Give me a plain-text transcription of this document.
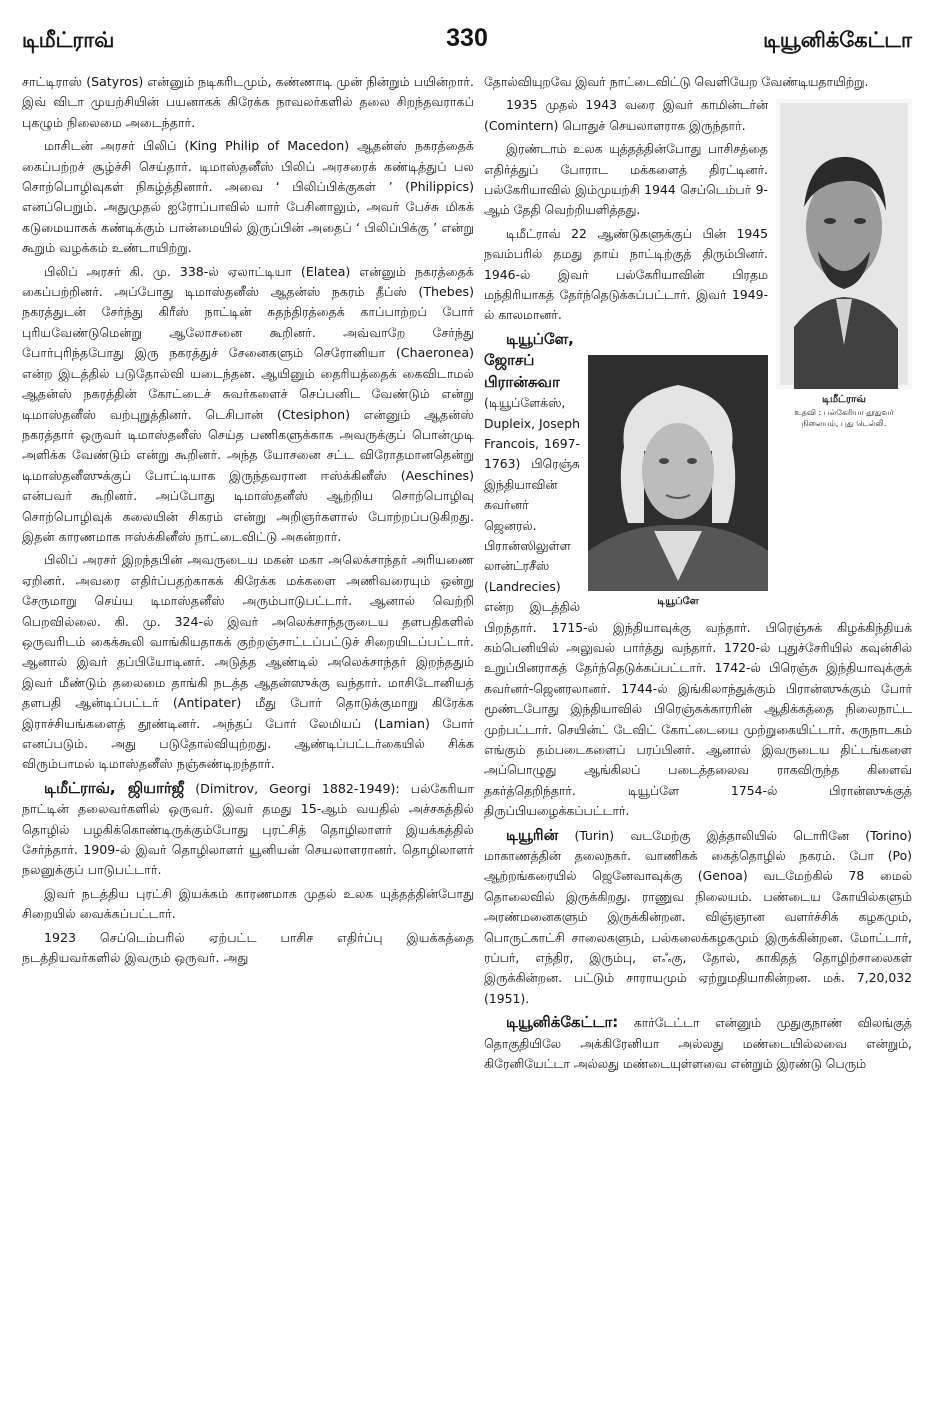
டிமீட்ராவ்	330	டியூனிக்கேட்டா

சாட்டிராஸ் (Satyros) என்னும் நடிகரிடமும், கண்ணாடி முன் நின்றும் பயின்றார். இவ் விடா முயற்சியின் பயனாகக் கிரேக்க நாவலர்களில் தலை சிறந்தவராகப் புகழும் நிலைமை அடைந்தார்.

மாசிடன் அரசர் பிலிப் (King Philip of Macedon) ஆதன்ஸ் நகரத்தைக் கைப்பற்றச் சூழ்ச்சி செய்தார். டிமாஸ்தனீஸ் பிலிப் அரசரைக் கண்டித்துப் பல சொற்பொழிவுகள் நிகழ்த்தினார். அவை ‘ பிலிப்பிக்குகள் ’ (Philippics) எனப்பெறும். அதுமுதல் ஐரோப்பாவில் யார் பேசினாலும், அவர் பேச்சு மிகக் கடுமையாகக் கண்டிக்கும் பான்மையில் இருப்பின் அதைப் ‘ பிலிப்பிக்கு ’ என்று கூறும் வழக்கம் உண்டாயிற்று.

பிலிப் அரசர் கி. மு. 338-ல் ஏலாட்டியா (Elatea) என்னும் நகரத்தைக் கைப்பற்றினர். அப்போது டிமாஸ்தனீஸ் ஆதன்ஸ் நகரம் தீப்ஸ் (Thebes) நகரத்துடன் சேர்ந்து கிரீஸ் நாட்டின் சுதந்திரத்தைக் காப்பாற்றப் போர் புரியவேண்டுமென்று ஆலோசனை கூறினர். அவ்வாறே சேர்ந்து போர்புரிந்தபோது இரு நகரத்துச் சேனைகளும் செரோனியா (Chaeronea) என்ற இடத்தில் படுதோல்வி யடைந்தன. ஆயினும் தைரியத்தைக் கைவிடாமல் ஆதன்ஸ் நகரத்தின் கோட்டைச் சுவர்களைச் செப்பனிட வேண்டும் என்று டிமாஸ்தனீஸ் வற்புறுத்தினர். டெசிபான் (Ctesiphon) என்னும் ஆதன்ஸ் நகரத்தார் ஒருவர் டிமாஸ்தனீஸ் செய்த பணிகளுக்காக அவருக்குப் பொன்முடி அளிக்க வேண்டும் என்று கூறினர். அந்த யோசனை சட்ட விரோதமானதென்று டிமாஸ்தனீஸுக்குப் போட்டியாக இருந்தவரான ஈஸ்க்கினீஸ் (Aeschines) என்பவர் கூறினர். அப்போது டிமாஸ்தனீஸ் ஆற்றிய சொற்பொழிவு சொற்பொழிவுக் கலையின் சிகரம் என்று அறிஞர்களால் போற்றப்படுகிறது. இதன் காரணமாக ஈஸ்க்கினீஸ் நாட்டைவிட்டு அகன்றார்.

பிலிப் அரசர் இறந்தபின் அவருடைய மகன் மகா அலெக்சாந்தர் அரியணை ஏறினர். அவரை எதிர்ப்பதற்காகக் கிரேக்க மக்களை அணிவரையும் ஒன்று சேருமாறு செய்ய டிமாஸ்தனீஸ் அரும்பாடுபட்டார். ஆனால் வெற்றி பெறவில்லை. கி. மு. 324-ல் இவர் அலெக்சாந்தருடைய தளபதிகளில் ஒருவரிடம் கைக்கூலி வாங்கியதாகக் குற்றஞ்சாட்டப்பட்டுச் சிறையிடப்பட்டார். ஆனால் இவர் தப்பியோடினர். அடுத்த ஆண்டில் அலெக்சாந்தர் இறந்ததும் இவர் மீண்டும் தலைமை தாங்கி நடத்த ஆதன்ஸுக்கு வந்தார். மாசிடோனியத் தளபதி ஆன்டிப்பட்டர் (Antipater) மீது போர் தொடுக்குமாறு கிரேக்க இராச்சியங்களைத் தூண்டினர். அந்தப் போர் லேமியப் (Lamian) போர் எனப்படும். அது படுதோல்வியுற்றது. ஆண்டிப்பட்டர்கையில் சிக்க விரும்பாமல் டிமாஸ்தனீஸ் நஞ்சுண்டிறந்தார்.

டிமீட்ராவ், ஜியார்ஜீ (Dimitrov, Georgi 1882-1949): பல்கேரியா நாட்டின் தலைவர்களில் ஒருவர். இவர் தமது 15-ஆம் வயதில் அச்சகத்தில் தொழில் பழகிக்கொண்டிருக்கும்போது புரட்சித் தொழிலாளர் இயக்கத்தில் சேர்ந்தார். 1909-ல் இவர் தொழிலாளர் யூனியன் செயலாளரானர். தொழிலாளர் நலனுக்குப் பாடுபட்டார்.

இவர் நடத்திய புரட்சி இயக்கம் காரணமாக முதல் உலக யுத்தத்தின்போது சிறையில் வைக்கப்பட்டார்.

1923 செப்டெம்பரில் ஏற்பட்ட பாசிச எதிர்ப்பு இயக்கத்தை நடத்தியவர்களில் இவரும் ஒருவர். அது

தோல்வியுறவே இவர் நாட்டைவிட்டு வெளியேற வேண்டியதாயிற்று.

டிமீட்ராவ்
உதவி : பல்கேரியா தூதுவர் நிலையம், புது டெல்லி.

1935 முதல் 1943 வரை இவர் காமின்டர்ன் (Comintern) பொதுச் செயலாளராக இருந்தார்.

இரண்டாம் உலக யுத்தத்தின்போது பாசிசத்தை எதிர்த்துப் போராட மக்களைத் திரட்டினர். பல்கேரியாவில் இம்முயற்சி 1944 செப்டெம்பர் 9-ஆம் தேதி வெற்றியளித்தது.

டிமீட்ராவ் 22 ஆண்டுகளுக்குப் பின் 1945 நவம்பரில் தமது தாய் நாட்டிற்குத் திரும்பினர். 1946-ல் இவர் பல்கேரியாவின் பிரதம மந்திரியாகத் தேர்ந்தெடுக்கப்பட்டார். இவர் 1949-ல் காலமானர்.

டியூப்ளே

டியூப்ளே, ஜோசப் பிரான்சுவா (டியூப்ளேக்ஸ், Dupleix, Joseph Francois, 1697-1763) பிரெஞ்சு இந்தியாவின் கவர்னர் ஜெனரல். பிரான்ஸிலுள்ள லான்ட்ரசீஸ் (Landrecies) என்ற இடத்தில் பிறந்தார். 1715-ல் இந்தியாவுக்கு வந்தார். பிரெஞ்சுக் கிழக்கிந்தியக் கம்பெனியில் அலுவல் பார்த்து வந்தார். 1720-ல் புதுச்சேரியில் கவுன்சில் உறுப்பினராகத் தேர்ந்தெடுக்கப்பட்டார். 1742-ல் பிரெஞ்சு இந்தியாவுக்குக் கவர்னர்-ஜெனரலானர். 1744-ல் இங்கிலாந்துக்கும் பிரான்ஸுக்கும் போர் மூண்டபோது இந்தியாவில் பிரெஞ்சுக்காரரின் ஆதிக்கத்தை நிலைநாட்ட முற்பட்டார். செயின்ட் டேவிட் கோட்டையை முற்றுகையிட்டார். கருநாடகம் எங்கும் தம்படைகளைப் பரப்பினர். ஆனால் இவருடைய திட்டங்களை அப்பொழுது ஆங்கிலப் படைத்தலைவ ராகவிருந்த கிளைவ் தகர்த்தெறிந்தார். டியூப்ளே 1754-ல் பிரான்ஸுக்குத் திருப்பியழைக்கப்பட்டார்.

டியூரின் (Turin) வடமேற்கு இத்தாலியில் டொரினே (Torino) மாகாணத்தின் தலைநகர். வாணிகக் கைத்தொழில் நகரம். போ (Po) ஆற்றங்கரையில் ஜெனேவாவுக்கு (Genoa) வடமேற்கில் 78 மைல் தொலைவில் இருக்கிறது. ராணுவ நிலையம். பண்டைய கோயில்களும் அரண்மனைகளும் இருக்கின்றன. விஞ்ஞான வளர்ச்சிக் கழகமும், பொருட்காட்சி சாலைகளும், பல்கலைக்கழகமும் இருக்கின்றன. மோட்டார், ரப்பர், எந்திர, இரும்பு, எஃகு, தோல், காகிதத் தொழிற்சாலைகள் இருக்கின்றன. பட்டும் சாராயமும் ஏற்றுமதியாகின்றன. மக். 7,20,032 (1951).

டியூனிக்கேட்டா: கார்டேட்டா என்னும் முதுகுநாண் விலங்குத் தொகுதியிலே அக்கிரேனியா அல்லது மண்டையில்லவை என்றும், கிரேனியேட்டா அல்லது மண்டையுள்ளவை என்றும் இரண்டு பெரும்
